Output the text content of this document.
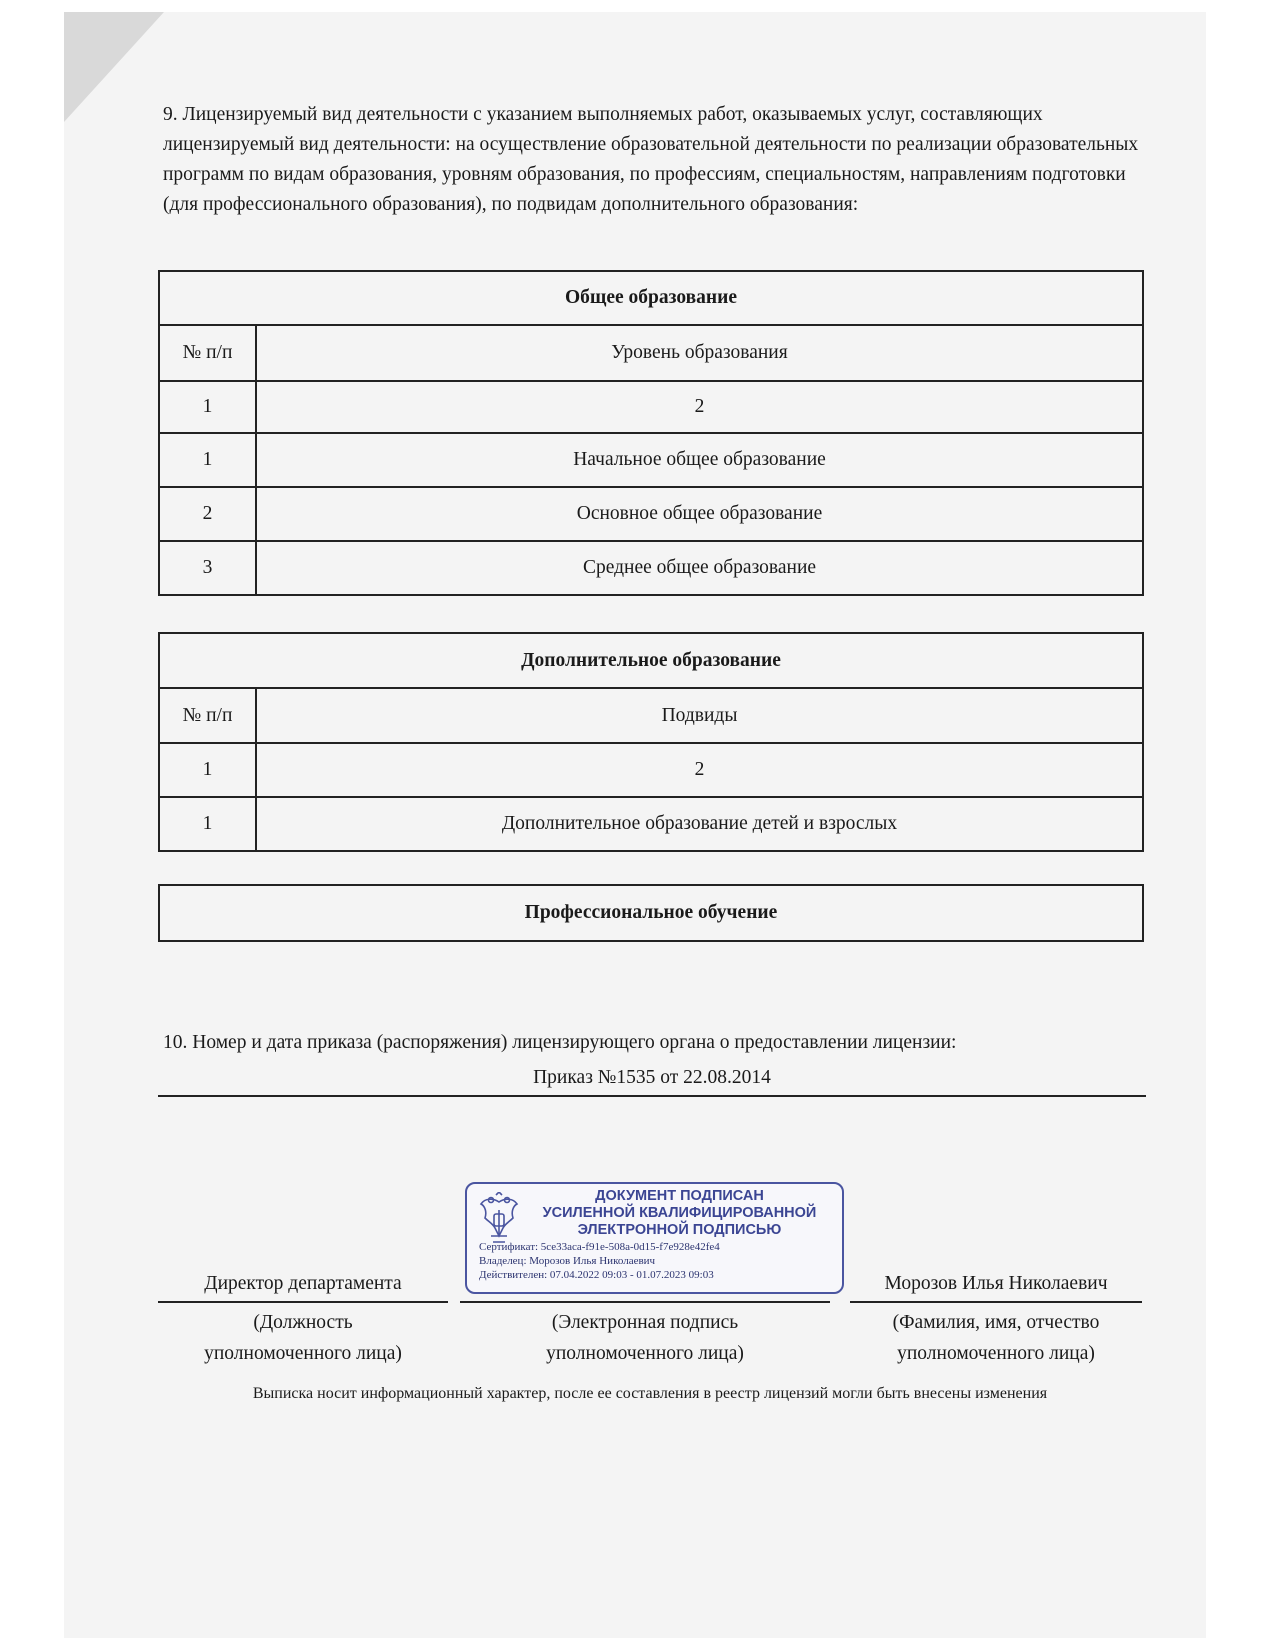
9. Лицензируемый вид деятельности с указанием выполняемых работ, оказываемых услуг, составляющих лицензируемый вид деятельности: на осуществление образовательной деятельности по реализации образовательных программ по видам образования, уровням образования, по профессиям, специальностям, направлениям подготовки (для профессионального образования), по подвидам дополнительного образования:

Общее образование	
№ п/п	Уровень образования
1	2
1	Начальное общее образование
2	Основное общее образование
3	Среднее общее образование
Дополнительное образование	
№ п/п	Подвиды
1	2
1	Дополнительное образование детей и взрослых
Профессиональное обучение

10. Номер и дата приказа (распоряжения) лицензирующего органа о предоставлении лицензии:

Приказ №1535 от 22.08.2014
ДОКУМЕНТ ПОДПИСАН
УСИЛЕННОЙ КВАЛИФИЦИРОВАННОЙ
ЭЛЕКТРОННОЙ ПОДПИСЬЮ
Сертификат: 5ce33aca-f91e-508a-0d15-f7e928e42fe4
Владелец: Морозов Илья Николаевич
Действителен: 07.04.2022 09:03 - 01.07.2023 09:03
Директор департамента	Морозов Илья Николаевич
(Должность
уполномоченного лица)
(Электронная подпись
уполномоченного лица)
(Фамилия, имя, отчество
уполномоченного лица)
Выписка носит информационный характер, после ее составления в реестр лицензий могли быть внесены изменения
